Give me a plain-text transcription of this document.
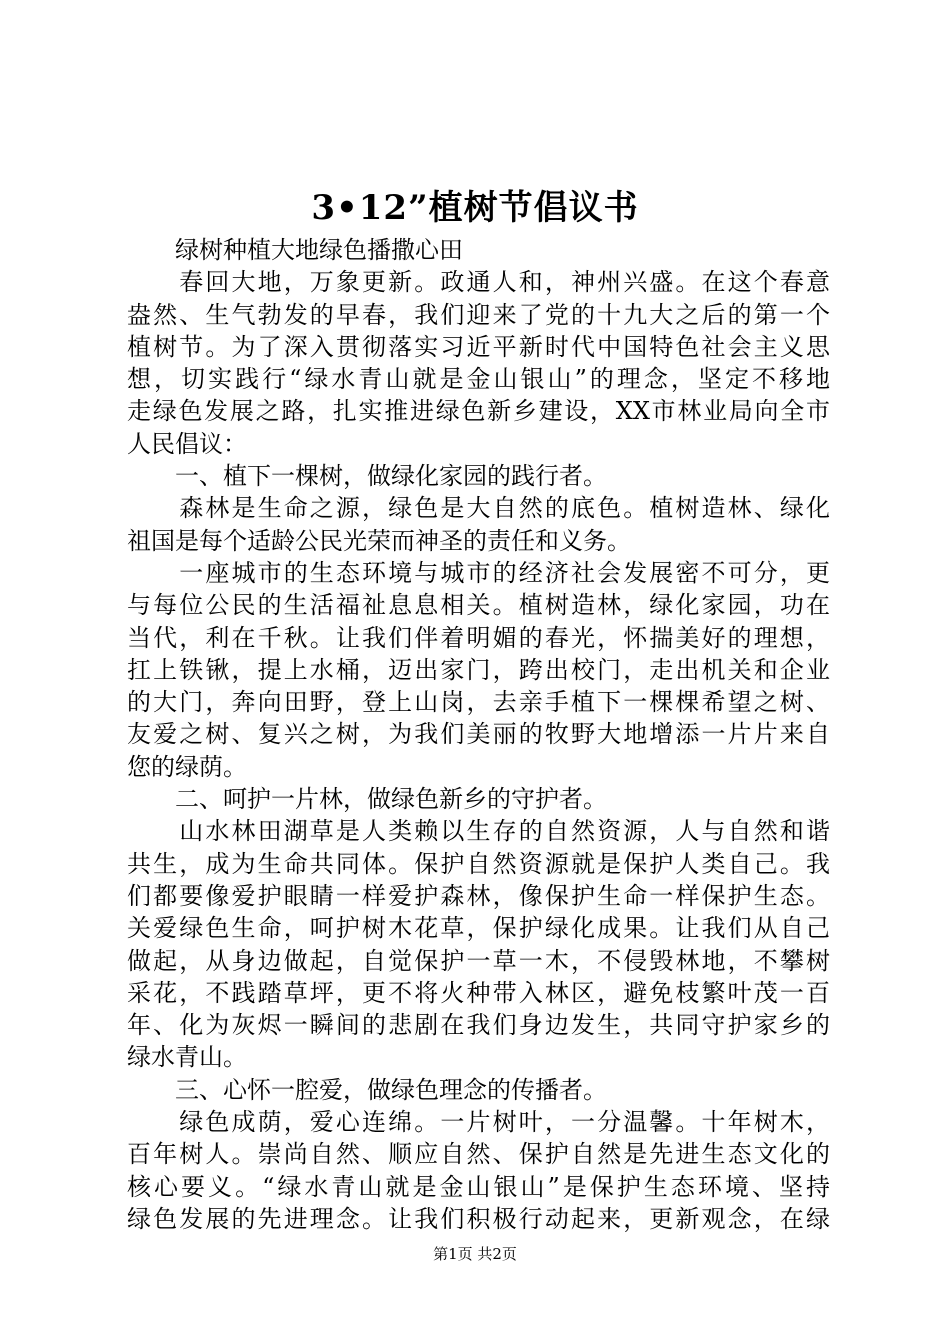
3•12”植树节倡议书
　　绿树种植大地绿色播撒心田
　　春回大地，万象更新。政通人和，神州兴盛。在这个春意
盎然、生气勃发的早春，我们迎来了党的十九大之后的第一个
植树节。为了深入贯彻落实习近平新时代中国特色社会主义思
想，切实践行“绿水青山就是金山银山”的理念，坚定不移地
走绿色发展之路，扎实推进绿色新乡建设，XX市林业局向全市
人民倡议：
　　一、植下一棵树，做绿化家园的践行者。
　　森林是生命之源，绿色是大自然的底色。植树造林、绿化
祖国是每个适龄公民光荣而神圣的责任和义务。
　　一座城市的生态环境与城市的经济社会发展密不可分，更
与每位公民的生活福祉息息相关。植树造林，绿化家园，功在
当代，利在千秋。让我们伴着明媚的春光，怀揣美好的理想，
扛上铁锹，提上水桶，迈出家门，跨出校门，走出机关和企业
的大门，奔向田野，登上山岗，去亲手植下一棵棵希望之树、
友爱之树、复兴之树，为我们美丽的牧野大地增添一片片来自
您的绿荫。
　　二、呵护一片林，做绿色新乡的守护者。
　　山水林田湖草是人类赖以生存的自然资源，人与自然和谐
共生，成为生命共同体。保护自然资源就是保护人类自己。我
们都要像爱护眼睛一样爱护森林，像保护生命一样保护生态。
关爱绿色生命，呵护树木花草，保护绿化成果。让我们从自己
做起，从身边做起，自觉保护一草一木，不侵毁林地，不攀树
采花，不践踏草坪，更不将火种带入林区，避免枝繁叶茂一百
年、化为灰烬一瞬间的悲剧在我们身边发生，共同守护家乡的
绿水青山。
　　三、心怀一腔爱，做绿色理念的传播者。
　　绿色成荫，爱心连绵。一片树叶，一分温馨。十年树木，
百年树人。崇尚自然、顺应自然、保护自然是先进生态文化的
核心要义。“绿水青山就是金山银山”是保护生态环境、坚持
绿色发展的先进理念。让我们积极行动起来，更新观念，在绿
第1页 共2页
